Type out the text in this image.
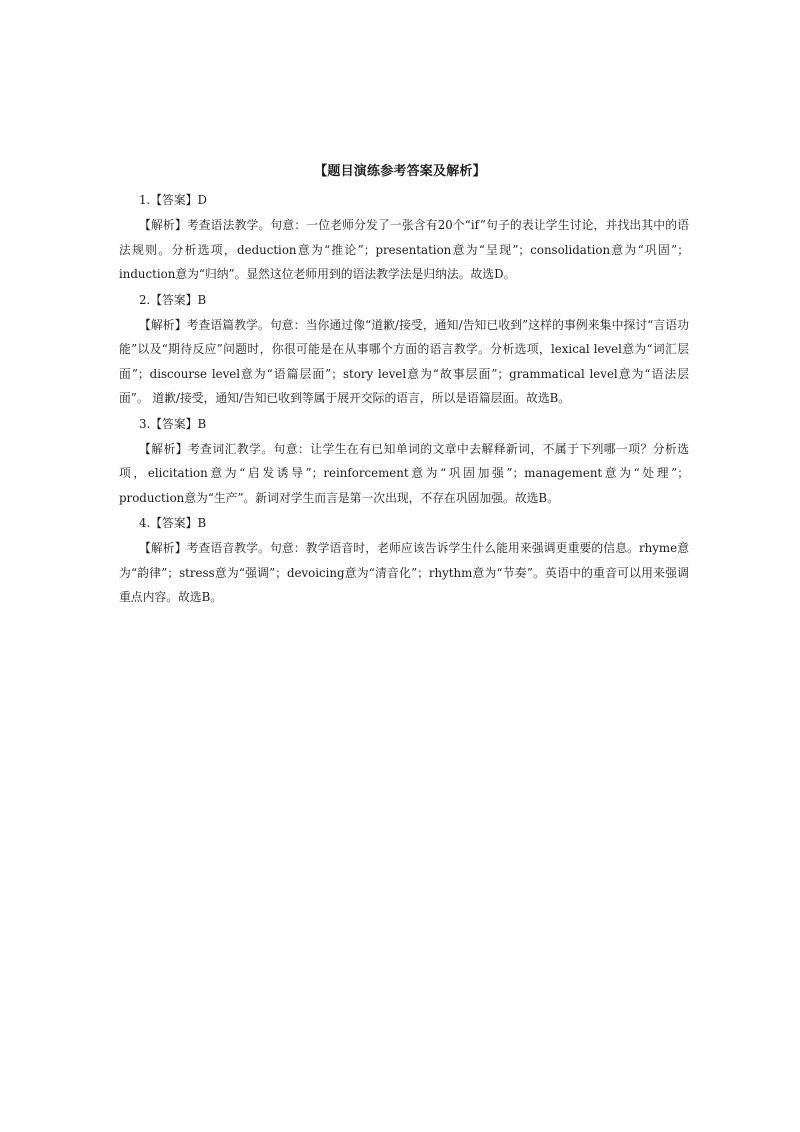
【题目演练参考答案及解析】
1.【答案】D

【解析】考查语法教学。句意：一位老师分发了一张含有20个“if”句子的表让学生讨论，并找出其中的语法规则。分析选项，deduction意为“推论”；presentation意为“呈现”；consolidation意为“巩固”；induction意为“归纳”。显然这位老师用到的语法教学法是归纳法。故选D。

2.【答案】B

【解析】考查语篇教学。句意：当你通过像“道歉/接受，通知/告知已收到”这样的事例来集中探讨“言语功能”以及“期待反应”问题时，你很可能是在从事哪个方面的语言教学。分析选项，lexical level意为“词汇层面”；discourse level意为“语篇层面”；story level意为“故事层面”；grammatical level意为“语法层面”。 道歉/接受，通知/告知已收到等属于展开交际的语言，所以是语篇层面。故选B。

3.【答案】B

【解析】考查词汇教学。句意：让学生在有已知单词的文章中去解释新词，不属于下列哪一项？分析选项，elicitation意为“启发诱导”；reinforcement意为“巩固加强”；management意为“处理”；production意为“生产”。新词对学生而言是第一次出现，不存在巩固加强。故选B。

4.【答案】B

【解析】考查语音教学。句意：教学语音时，老师应该告诉学生什么能用来强调更重要的信息。rhyme意为“韵律”；stress意为“强调”；devoicing意为“清音化”；rhythm意为“节奏”。英语中的重音可以用来强调重点内容。故选B。
